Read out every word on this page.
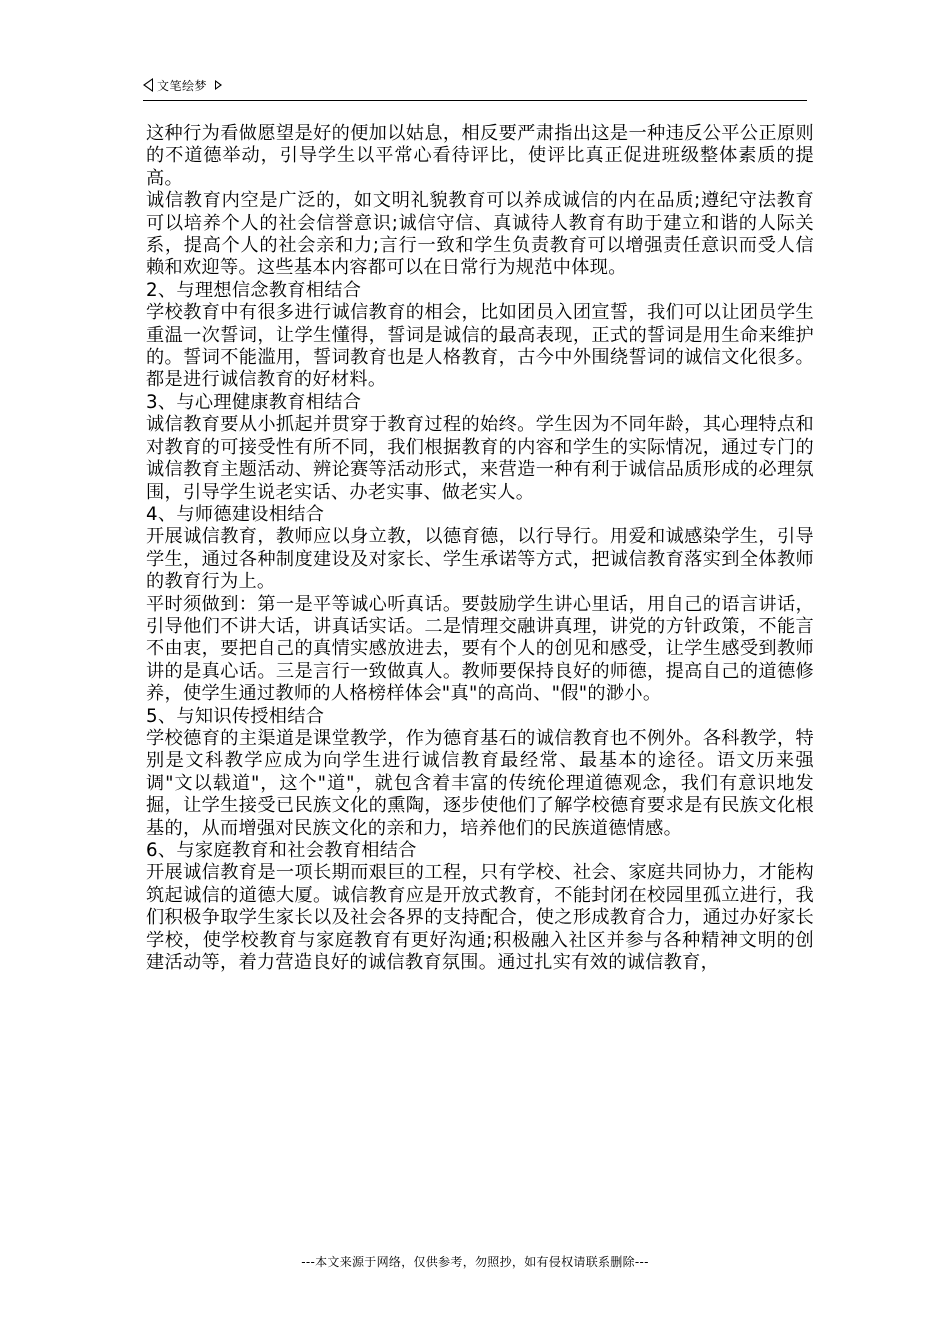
文笔绘梦

这种行为看做愿望是好的便加以姑息，相反要严肃指出这是一种违反公平公正原则的不道德举动，引导学生以平常心看待评比，使评比真正促进班级整体素质的提高。

诚信教育内空是广泛的，如文明礼貌教育可以养成诚信的内在品质;遵纪守法教育可以培养个人的社会信誉意识;诚信守信、真诚待人教育有助于建立和谐的人际关系，提高个人的社会亲和力;言行一致和学生负责教育可以增强责任意识而受人信赖和欢迎等。这些基本内容都可以在日常行为规范中体现。

2、与理想信念教育相结合

学校教育中有很多进行诚信教育的相会，比如团员入团宣誓，我们可以让团员学生重温一次誓词，让学生懂得，誓词是诚信的最高表现，正式的誓词是用生命来维护的。誓词不能滥用，誓词教育也是人格教育，古今中外围绕誓词的诚信文化很多。都是进行诚信教育的好材料。

3、与心理健康教育相结合

诚信教育要从小抓起并贯穿于教育过程的始终。学生因为不同年龄，其心理特点和对教育的可接受性有所不同，我们根据教育的内容和学生的实际情况，通过专门的诚信教育主题活动、辨论赛等活动形式，来营造一种有利于诚信品质形成的必理氛围，引导学生说老实话、办老实事、做老实人。

4、与师德建设相结合

开展诚信教育，教师应以身立教，以德育德，以行导行。用爱和诚感染学生，引导学生，通过各种制度建设及对家长、学生承诺等方式，把诚信教育落实到全体教师的教育行为上。

平时须做到：第一是平等诚心听真话。要鼓励学生讲心里话，用自己的语言讲话，引导他们不讲大话，讲真话实话。二是情理交融讲真理，讲党的方针政策，不能言不由衷，要把自己的真情实感放进去，要有个人的创见和感受，让学生感受到教师讲的是真心话。三是言行一致做真人。教师要保持良好的师德，提高自己的道德修养，使学生通过教师的人格榜样体会"真"的高尚、"假"的渺小。

5、与知识传授相结合

学校德育的主渠道是课堂教学，作为德育基石的诚信教育也不例外。各科教学，特别是文科教学应成为向学生进行诚信教育最经常、最基本的途径。语文历来强调"文以载道"，这个"道"，就包含着丰富的传统伦理道德观念，我们有意识地发掘，让学生接受已民族文化的熏陶，逐步使他们了解学校德育要求是有民族文化根基的，从而增强对民族文化的亲和力，培养他们的民族道德情感。

6、与家庭教育和社会教育相结合

开展诚信教育是一项长期而艰巨的工程，只有学校、社会、家庭共同协力，才能构筑起诚信的道德大厦。诚信教育应是开放式教育，不能封闭在校园里孤立进行，我们积极争取学生家长以及社会各界的支持配合，使之形成教育合力，通过办好家长学校，使学校教育与家庭教育有更好沟通;积极融入社区并参与各种精神文明的创建活动等，着力营造良好的诚信教育氛围。通过扎实有效的诚信教育，

---本文来源于网络，仅供参考，勿照抄，如有侵权请联系删除---
